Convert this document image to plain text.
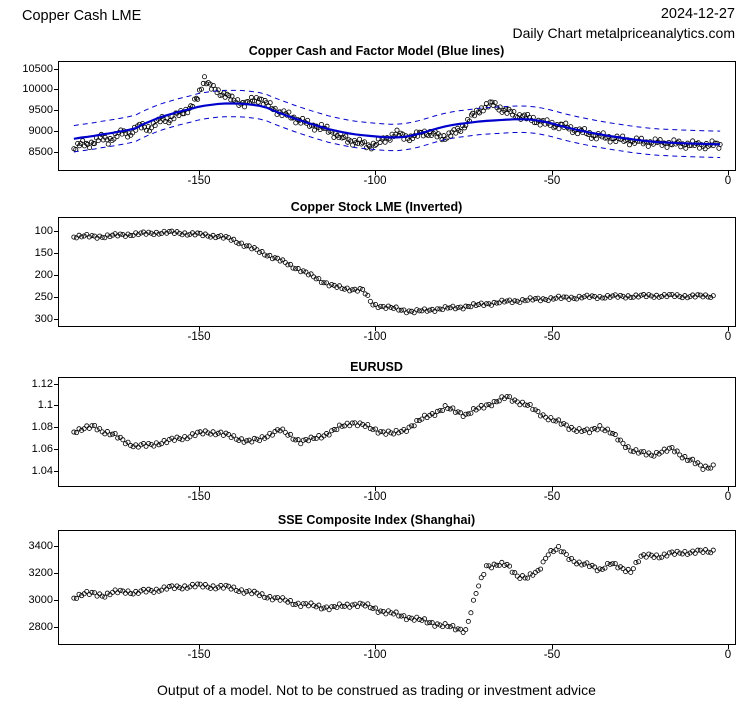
Copper Cash LME	2024-12-27
Daily Chart metalpriceanalytics.com
Copper Cash and Factor Model (Blue lines)
10500
10000
9500
9000
8500
-150	-100	-50	0
Copper Stock LME (Inverted)
100
150
200
250
300
-150	-100	-50	0
EURUSD
1.12
1.1
1.08
1.06
1.04
-150	-100	-50	0
SSE Composite Index (Shanghai)
3400
3200
3000
2800
-150	-100	-50	0
Output of a model. Not to be construed as trading or investment advice
